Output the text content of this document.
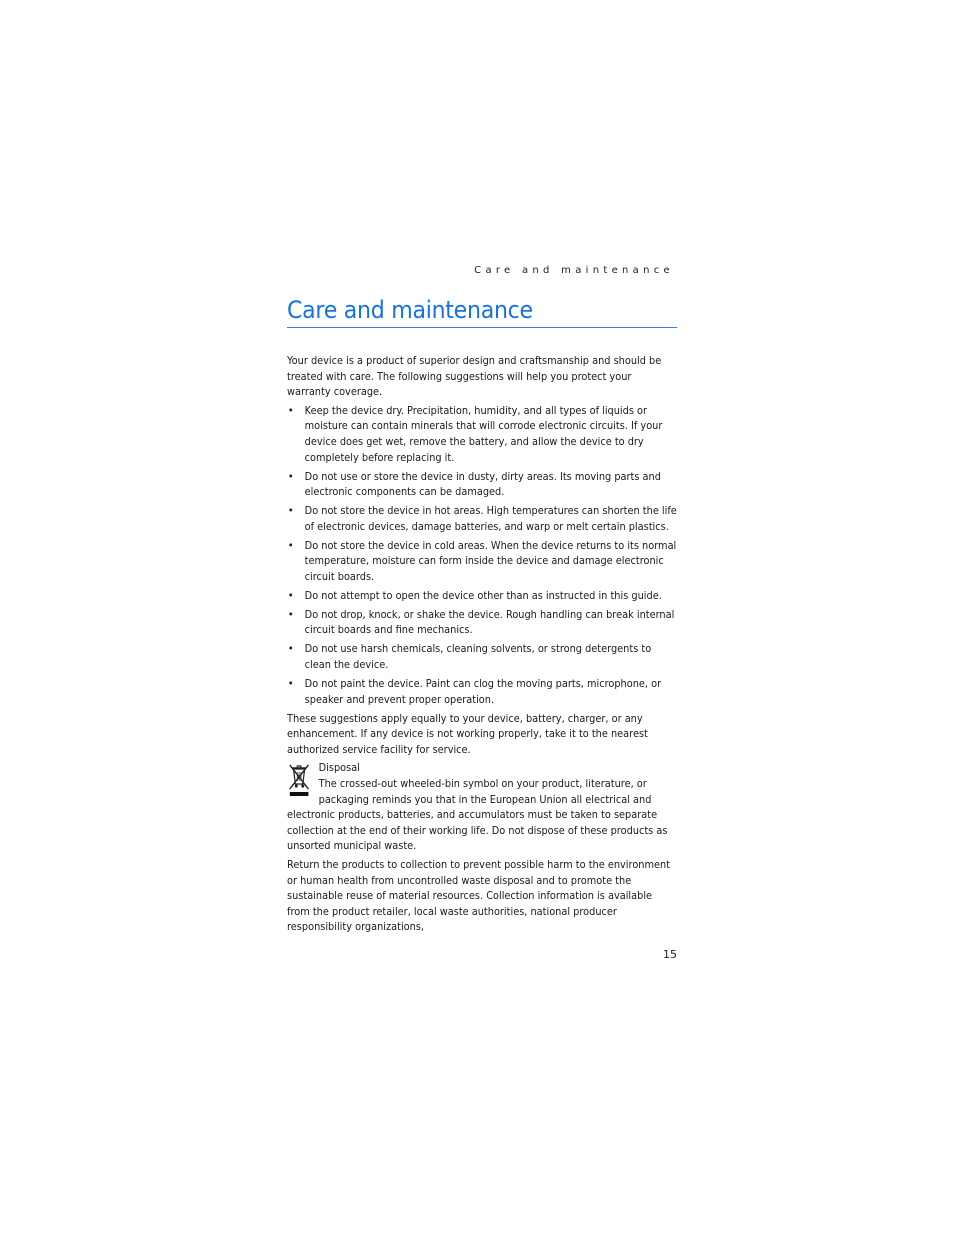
Care and maintenance
Care and maintenance
Your device is a product of superior design and craftsmanship and should be treated with care. The following suggestions will help you protect your warranty coverage.
• Keep the device dry. Precipitation, humidity, and all types of liquids or moisture can contain minerals that will corrode electronic circuits. If your device does get wet, remove the battery, and allow the device to dry completely before replacing it.
• Do not use or store the device in dusty, dirty areas. Its moving parts and electronic components can be damaged.
• Do not store the device in hot areas. High temperatures can shorten the life of electronic devices, damage batteries, and warp or melt certain plastics.
• Do not store the device in cold areas. When the device returns to its normal temperature, moisture can form inside the device and damage electronic circuit boards.
• Do not attempt to open the device other than as instructed in this guide.
• Do not drop, knock, or shake the device. Rough handling can break internal circuit boards and fine mechanics.
• Do not use harsh chemicals, cleaning solvents, or strong detergents to clean the device.
• Do not paint the device. Paint can clog the moving parts, microphone, or speaker and prevent proper operation.
These suggestions apply equally to your device, battery, charger, or any enhancement. If any device is not working properly, take it to the nearest authorized service facility for service.
Disposal
The crossed-out wheeled-bin symbol on your product, literature, or packaging reminds you that in the European Union all electrical and electronic products, batteries, and accumulators must be taken to separate collection at the end of their working life. Do not dispose of these products as unsorted municipal waste.
Return the products to collection to prevent possible harm to the environment or human health from uncontrolled waste disposal and to promote the sustainable reuse of material resources. Collection information is available from the product retailer, local waste authorities, national producer responsibility organizations,
15
